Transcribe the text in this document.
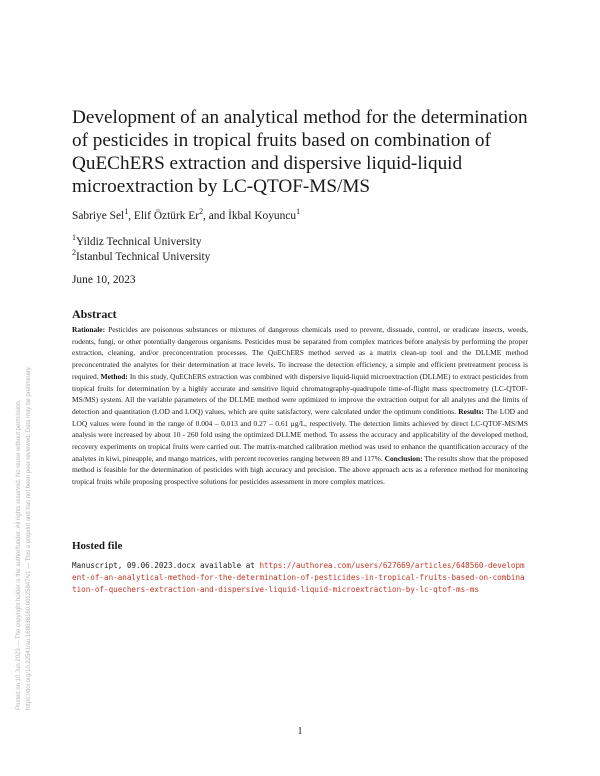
Posted on 10 Jun 2023 — The copyright holder is the author/funder. All rights reserved. No reuse without permission. https://doi.org/10.22541/au.168638160.00125847/v1 — This a preprint and has not been peer reviewed. Data may be preliminary.
Development of an analytical method for the determination of pesticides in tropical fruits based on combination of QuEChERS extraction and dispersive liquid-liquid microextraction by LC-QTOF-MS/MS
Sabriye Sel$^1$, Elif Öztürk Er$^2$, and İkbal Koyuncu$^1$
$^1$Yildiz Technical University
$^2$Istanbul Technical University
June 10, 2023
Abstract

Rationale: Pesticides are poisonous substances or mixtures of dangerous chemicals used to prevent, dissuade, control, or eradicate insects, weeds, rodents, fungi, or other potentially dangerous organisms. Pesticides must be separated from complex matrices before analysis by performing the proper extraction, cleaning, and/or preconcentration processes. The QuEChERS method served as a matrix clean-up tool and the DLLME method preconcentrated the analytes for their determination at trace levels. To increase the detection efficiency, a simple and efficient pretreatment process is required. Method: In this study, QuEChERS extraction was combined with dispersive liquid-liquid microextraction (DLLME) to extract pesticides from tropical fruits for determination by a highly accurate and sensitive liquid chromatography-quadrupole time-of-flight mass spectrometry (LC-QTOF-MS/MS) system. All the variable parameters of the DLLME method were optimized to improve the extraction output for all analytes and the limits of detection and quantitation (LOD and LOQ) values, which are quite satisfactory, were calculated under the optimum conditions. Results: The LOD and LOQ values were found in the range of 0.004 – 0.013 and 0.27 – 0.61 μg/L, respectively. The detection limits achieved by direct LC-QTOF-MS/MS analysis were increased by about 10 - 260 fold using the optimized DLLME method. To assess the accuracy and applicability of the developed method, recovery experiments on tropical fruits were carried out. The matrix-matched calibration method was used to enhance the quantification accuracy of the analytes in kiwi, pineapple, and mango matrices, with percent recoveries ranging between 89 and 117%. Conclusion: The results show that the proposed method is feasible for the determination of pesticides with high accuracy and precision. The above approach acts as a reference method for monitoring tropical fruits while proposing prospective solutions for pesticides assessment in more complex matrices.

Hosted file

Manuscript, 09.06.2023.docx available at https://authorea.com/users/627669/articles/648560-development-of-an-analytical-method-for-the-determination-of-pesticides-in-tropical-fruits-based-on-combination-of-quechers-extraction-and-dispersive-liquid-liquid-microextraction-by-lc-qtof-ms-ms

1
